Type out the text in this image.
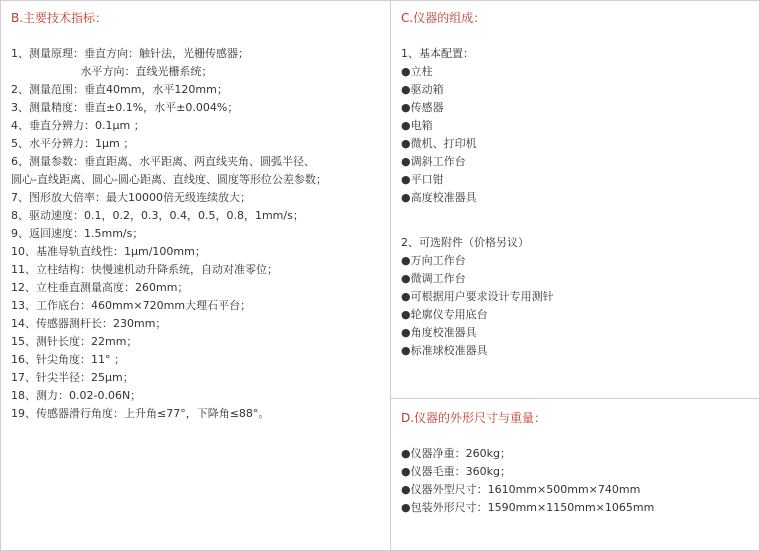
B.主要技术指标：

1、测量原理：垂直方向：触针法，光栅传感器；
　　　　　　 水平方向：直线光栅系统；
2、测量范围：垂直40mm，水平120mm；
3、测量精度：垂直±0.1%，水平±0.004%；
4、垂直分辨力：0.1μm ；
5、水平分辨力：1μm ；
6、测量参数：垂直距离、水平距离、两直线夹角、圆弧半径、
圆心-直线距离、圆心-圆心距离、直线度、圆度等形位公差参数；
7、图形放大倍率：最大10000倍无级连续放大；
8、驱动速度：0.1，0.2，0.3，0.4，0.5，0.8，1mm/s；
9、返回速度：1.5mm/s；
10、基准导轨直线性：1μm/100mm；
11、立柱结构：快慢速机动升降系统，自动对准零位；
12、立柱垂直测量高度：260mm；
13、工作底台：460mm×720mm大理石平台；
14、传感器测杆长：230mm；
15、测针长度：22mm；
16、针尖角度：11° ；
17、针尖半径：25μm；
18、测力：0.02-0.06N；
19、传感器滑行角度：上升角≤77°，下降角≤88°。

C.仪器的组成：

1、基本配置：
●立柱
●驱动箱
●传感器
●电箱
●微机、打印机
●调斜工作台
●平口钳
●高度校准器具
2、可选附件（价格另议）
●万向工作台
●微调工作台
●可根据用户要求设计专用测针
●轮廓仪专用底台
●角度校准器具
●标准球校准器具

D.仪器的外形尺寸与重量：

●仪器净重：260kg；
●仪器毛重：360kg；
●仪器外型尺寸：1610mm×500mm×740mm
●包装外形尺寸：1590mm×1150mm×1065mm
